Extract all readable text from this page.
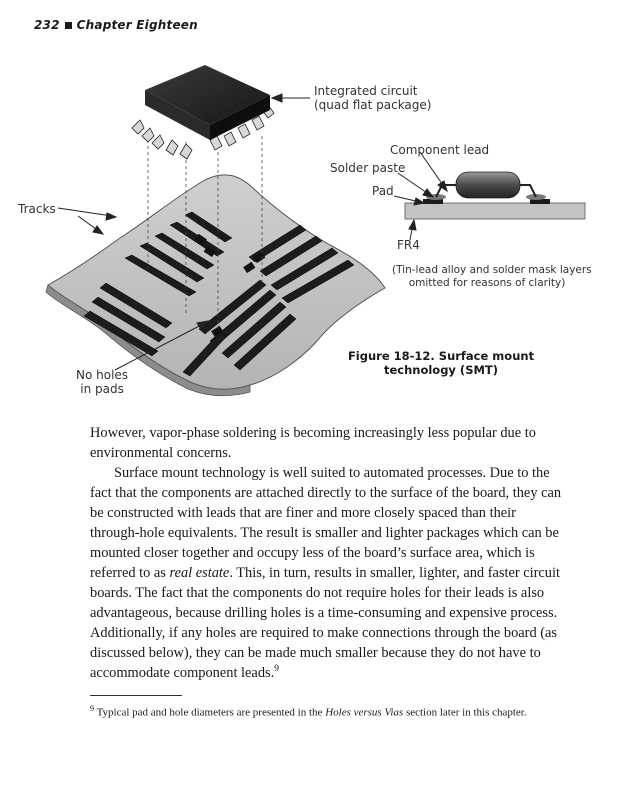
232 Chapter Eighteen
Integrated circuit
(quad flat package)
Component lead
Solder paste
Pad
FR4
(Tin-lead alloy and solder mask layers
omitted for reasons of clarity)
Tracks
No holes
in pads
Figure 18-12. Surface mount
technology (SMT)

However, vapor-phase soldering is becoming increasingly less popular due to environmental concerns.

Surface mount technology is well suited to automated processes. Due to the fact that the components are attached directly to the surface of the board, they can be constructed with leads that are finer and more closely spaced than their through-hole equivalents. The result is smaller and lighter packages which can be mounted closer together and occupy less of the board’s surface area, which is referred to as real estate. This, in turn, results in smaller, lighter, and faster circuit boards. The fact that the components do not require holes for their leads is also advantageous, because drilling holes is a time-consuming and expensive process. Additionally, if any holes are required to make connections through the board (as discussed below), they can be made much smaller because they do not have to accommodate component leads.$^9$

$^9$ Typical pad and hole diameters are presented in the Holes versus Vias section later in this chapter.
